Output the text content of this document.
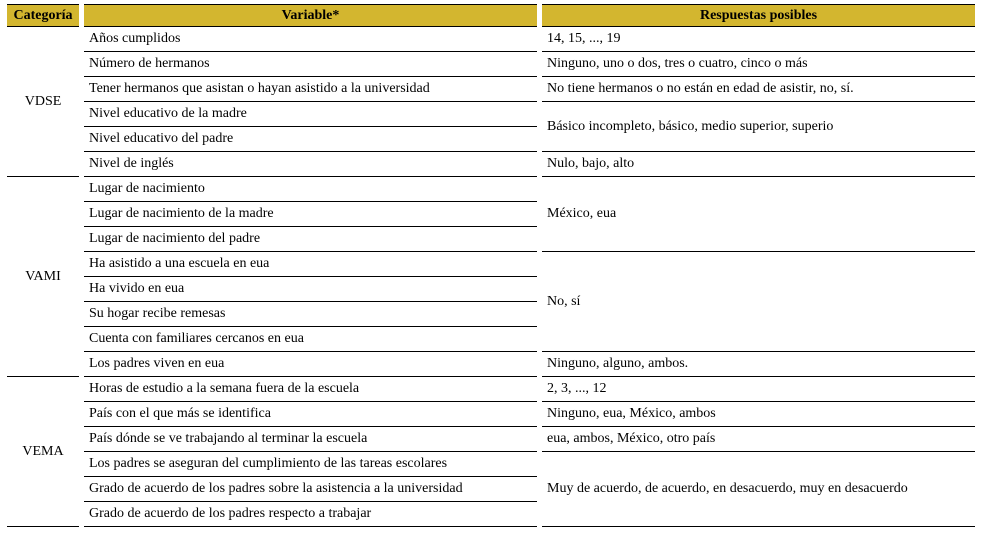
Categoría	Variable*	Respuestas posibles
VDSE	Años cumplidos	14, 15, ..., 19
	Número de hermanos	Ninguno, uno o dos, tres o cuatro, cinco o más
	Tener hermanos que asistan o hayan asistido a la universidad	No tiene hermanos o no están en edad de asistir, no, sí.
	Nivel educativo de la madre	Básico incompleto, básico, medio superior, superio
	Nivel educativo del padre	
	Nivel de inglés	Nulo, bajo, alto
VAMI	Lugar de nacimiento	México, eua
	Lugar de nacimiento de la madre	
	Lugar de nacimiento del padre	
	Ha asistido a una escuela en eua	No, sí
	Ha vivido en eua	
	Su hogar recibe remesas	
	Cuenta con familiares cercanos en eua	
	Los padres viven en eua	Ninguno, alguno, ambos.
VEMA	Horas de estudio a la semana fuera de la escuela	2, 3, ..., 12
	País con el que más se identifica	Ninguno, eua, México, ambos
	País dónde se ve trabajando al terminar la escuela	eua, ambos, México, otro país
	Los padres se aseguran del cumplimiento de las tareas escolares	Muy de acuerdo, de acuerdo, en desacuerdo, muy en desacuerdo
	Grado de acuerdo de los padres sobre la asistencia a la universidad	
	Grado de acuerdo de los padres respecto a trabajar	
